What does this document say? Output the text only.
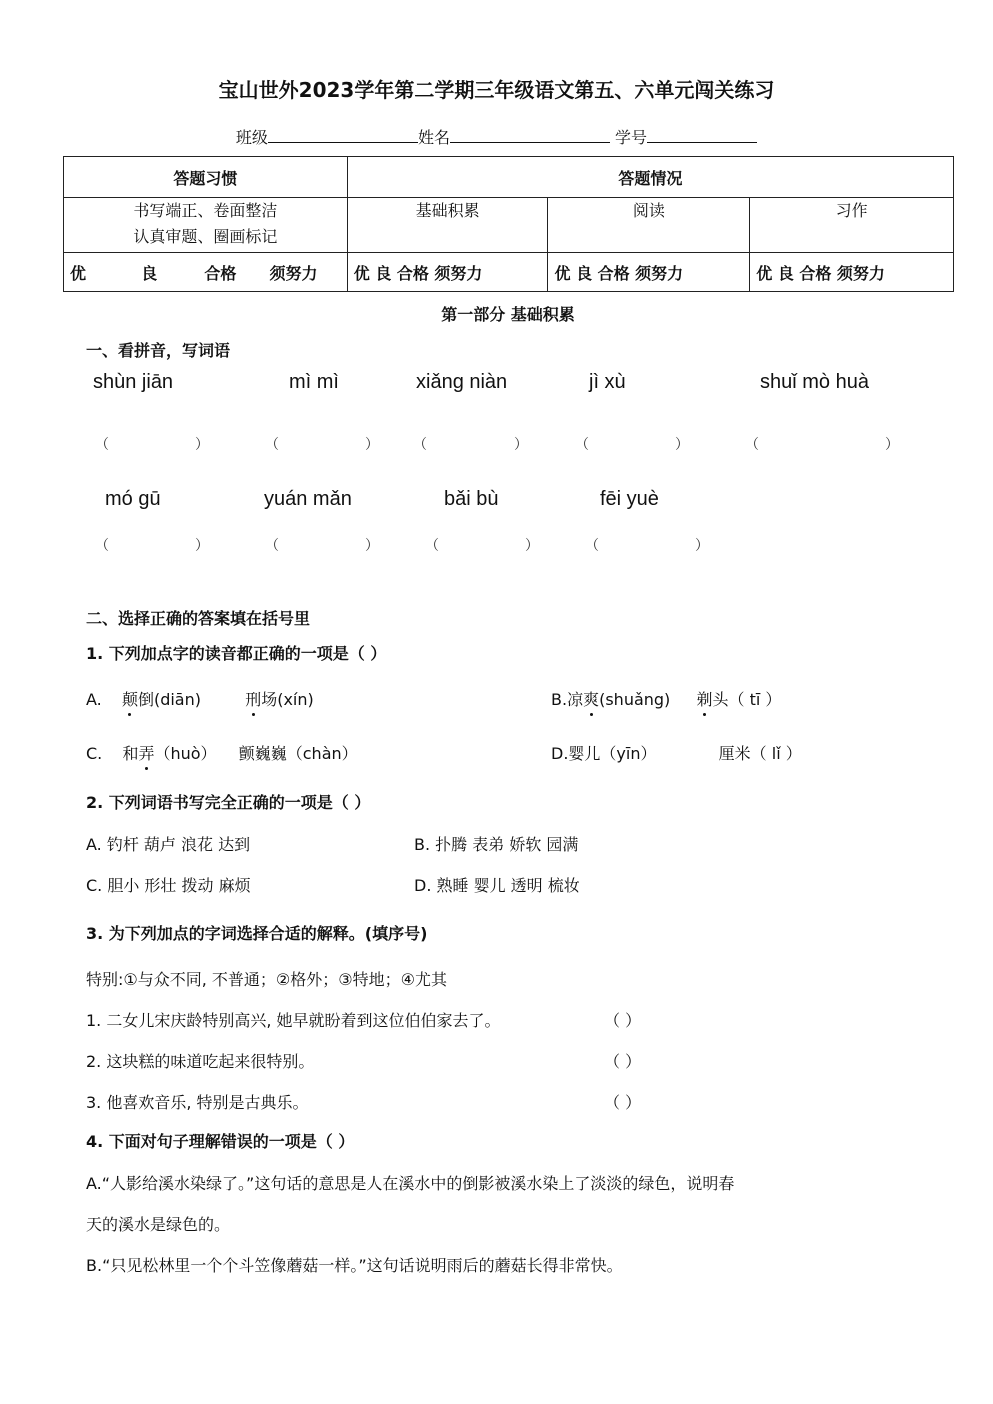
宝山世外2023学年第二学期三年级语文第五、六单元闯关练习
班级	姓名	学号
答题习惯	答题情况		

书写端正、卷面整洁
认真审题、圈画标记	基础积累	阅读	习作
优 良 合格 须努力	优 良 合格 须努力	优 良 合格 须努力	优 良 合格 须努力
第一部分 基础积累
一、看拼音，写词语
shùn jiān	mì mì	xiǎng niàn	jì xù	shuǐ mò huà
（	）	（	） （	）	（	）	（	）
mó gū	yuán mǎn	bǎi bù	fēi yuè
（	）	（	）	（	）	（	）
二、选择正确的答案填在括号里
1. 下列加点字的读音都正确的一项是（ ）
A. 颠倒(diān)	刑场(xín)	B.凉爽(shuǎng) 剃头（ tī ）
C. 和弄（huò） 颤巍巍（chàn）	D.婴儿（yīn）	厘米（ lǐ ）
2. 下列词语书写完全正确的一项是（ ）
A. 钓杆 葫卢 浪花 达到	B. 扑腾 表弟 娇软 园满
C. 胆小 形壮 拨动 麻烦	D. 熟睡 婴儿 透明 梳妆
3. 为下列加点的字词选择合适的解释。(填序号)
特别:①与众不同, 不普通；②格外；③特地；④尤其
1. 二女儿宋庆龄特别高兴, 她早就盼着到这位伯伯家去了。	（ ）
2. 这块糕的味道吃起来很特别。	（ ）
3. 他喜欢音乐, 特别是古典乐。	（ ）
4. 下面对句子理解错误的一项是（ ）
A.“人影给溪水染绿了。”这句话的意思是人在溪水中的倒影被溪水染上了淡淡的绿色，说明春
天的溪水是绿色的。
B.“只见松林里一个个斗笠像蘑菇一样。”这句话说明雨后的蘑菇长得非常快。
